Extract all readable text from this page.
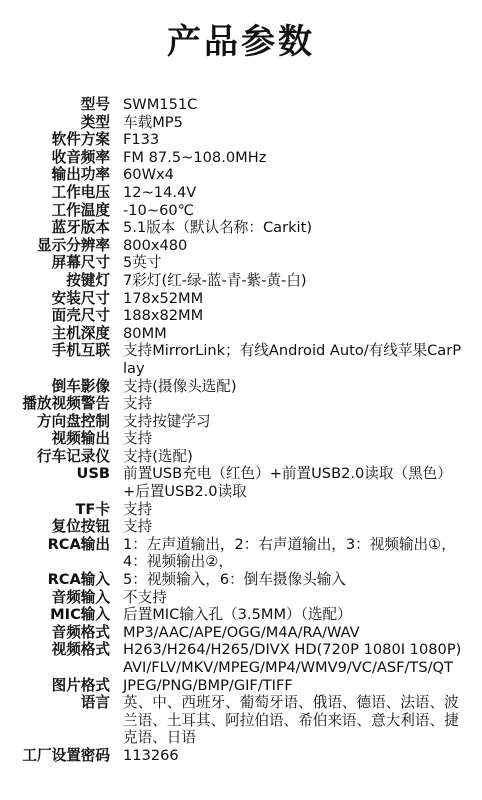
产品参数
型号 SWM151C
类型 车载MP5
软件方案 F133
收音频率 FM 87.5~108.0MHz
输出功率 60Wx4
工作电压 12~14.4V
工作温度 -10~60℃
蓝牙版本 5.1版本（默认名称：Carkit)
显示分辨率 800x480
屏幕尺寸 5英寸
按键灯 7彩灯(红-绿-蓝-青-紫-黄-白)
安装尺寸 178x52MM
面壳尺寸 188x82MM
主机深度 80MM
手机互联 支持MirrorLink；有线Android Auto/有线苹果CarPlay
倒车影像 支持(摄像头选配)
播放视频警告 支持
方向盘控制 支持按键学习
视频输出 支持
行车记录仪 支持(选配)
USB 前置USB充电（红色）+前置USB2.0读取（黑色）+后置USB2.0读取
TF卡 支持
复位按钮 支持
RCA输出 1：左声道输出，2：右声道输出，3：视频输出①，4：视频输出②，
RCA输入 5：视频输入，6：倒车摄像头输入
音频输入 不支持
MIC输入 后置MIC输入孔（3.5MM）（选配）
音频格式 MP3/AAC/APE/OGG/M4A/RA/WAV
视频格式 H263/H264/H265/DIVX HD(720P 1080I 1080P)AVI/FLV/MKV/MPEG/MP4/WMV9/VC/ASF/TS/QT
图片格式 JPEG/PNG/BMP/GIF/TIFF
语言 英、中、西班牙、葡萄牙语、俄语、德语、法语、波兰语、土耳其、阿拉伯语、希伯来语、意大利语、捷克语、日语
工厂设置密码 113266
